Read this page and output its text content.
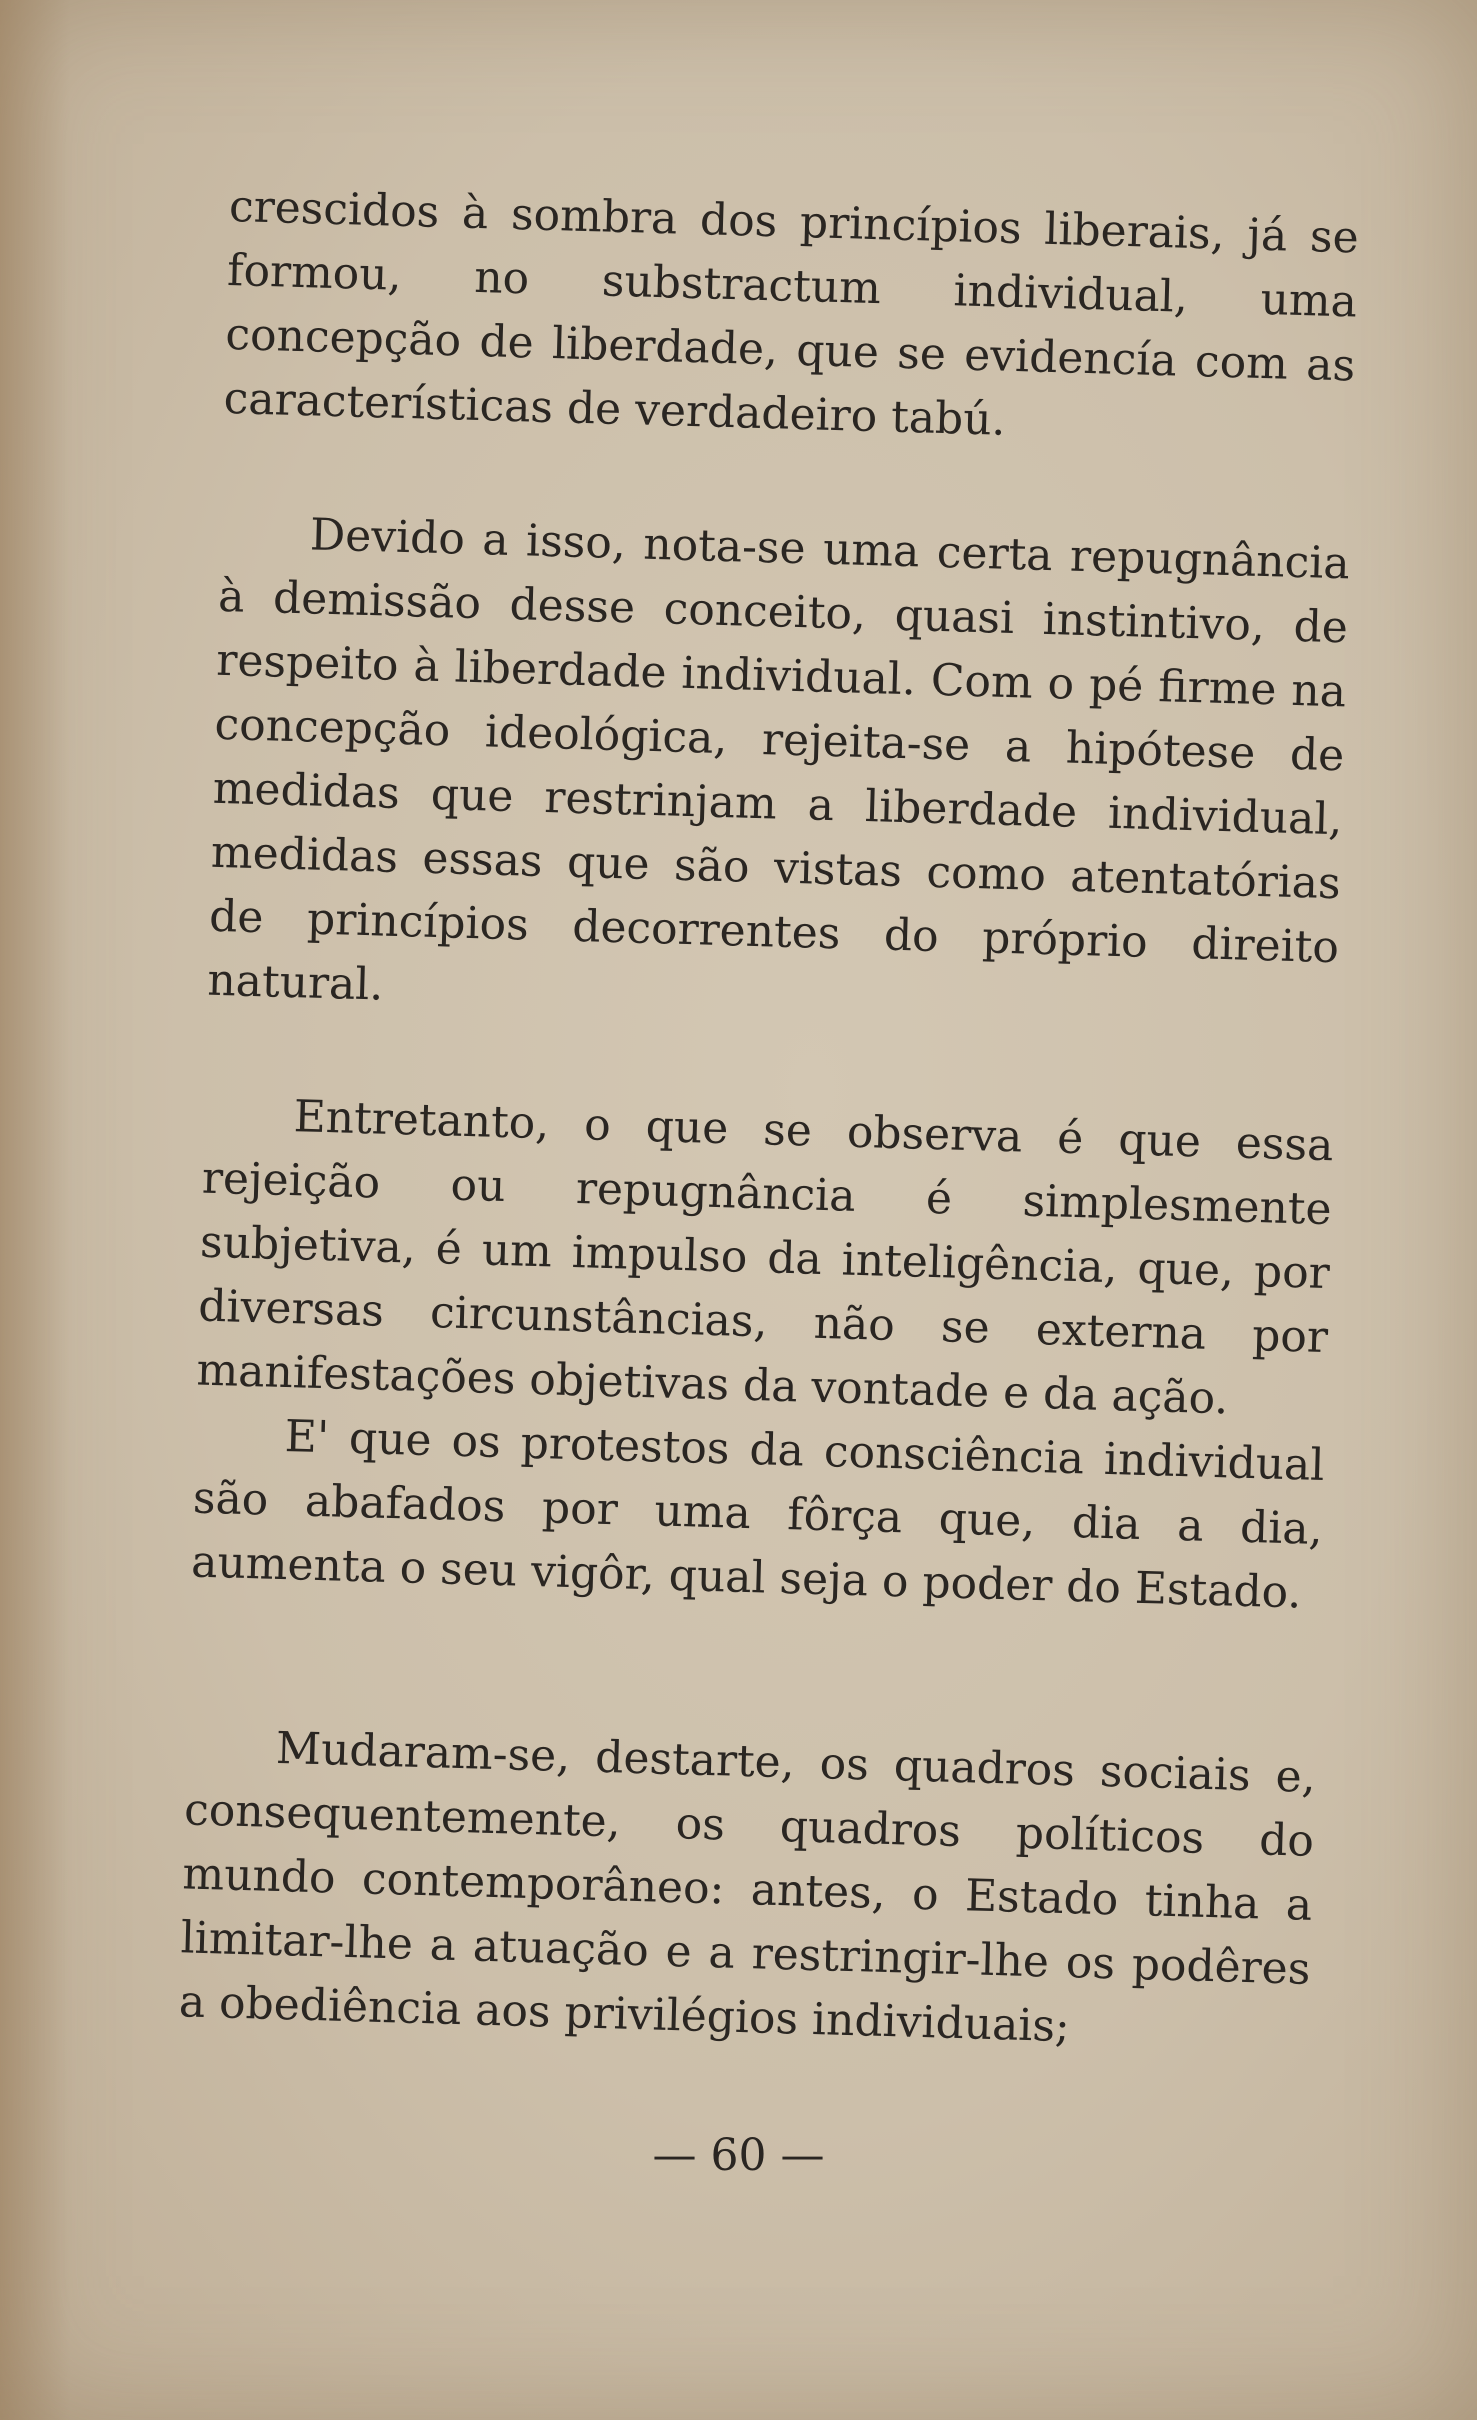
crescidos à sombra dos princípios liberais, já se formou, no substractum individual, uma concepção de liberdade, que se evidencía com as características de verdadeiro tabú.

Devido a isso, nota-se uma certa repugnância à demissão desse conceito, quasi instintivo, de respeito à liberdade individual. Com o pé firme na concepção ideológica, rejeita-se a hipótese de medidas que restrinjam a liberdade individual, medidas essas que são vistas como atentatórias de princípios decorrentes do próprio direito natural.

Entretanto, o que se observa é que essa rejeição ou repugnância é simplesmente subjetiva, é um impulso da inteligência, que, por diversas circunstâncias, não se externa por manifestações objetivas da vontade e da ação.

E' que os protestos da consciência individual são abafados por uma fôrça que, dia a dia, aumenta o seu vigôr, qual seja o poder do Estado.

Mudaram-se, destarte, os quadros sociais e, consequentemente, os quadros políticos do mundo contemporâneo: antes, o Estado tinha a limitar-lhe a atuação e a restringir-lhe os podêres a obediência aos privilégios individuais;

— 60 —
